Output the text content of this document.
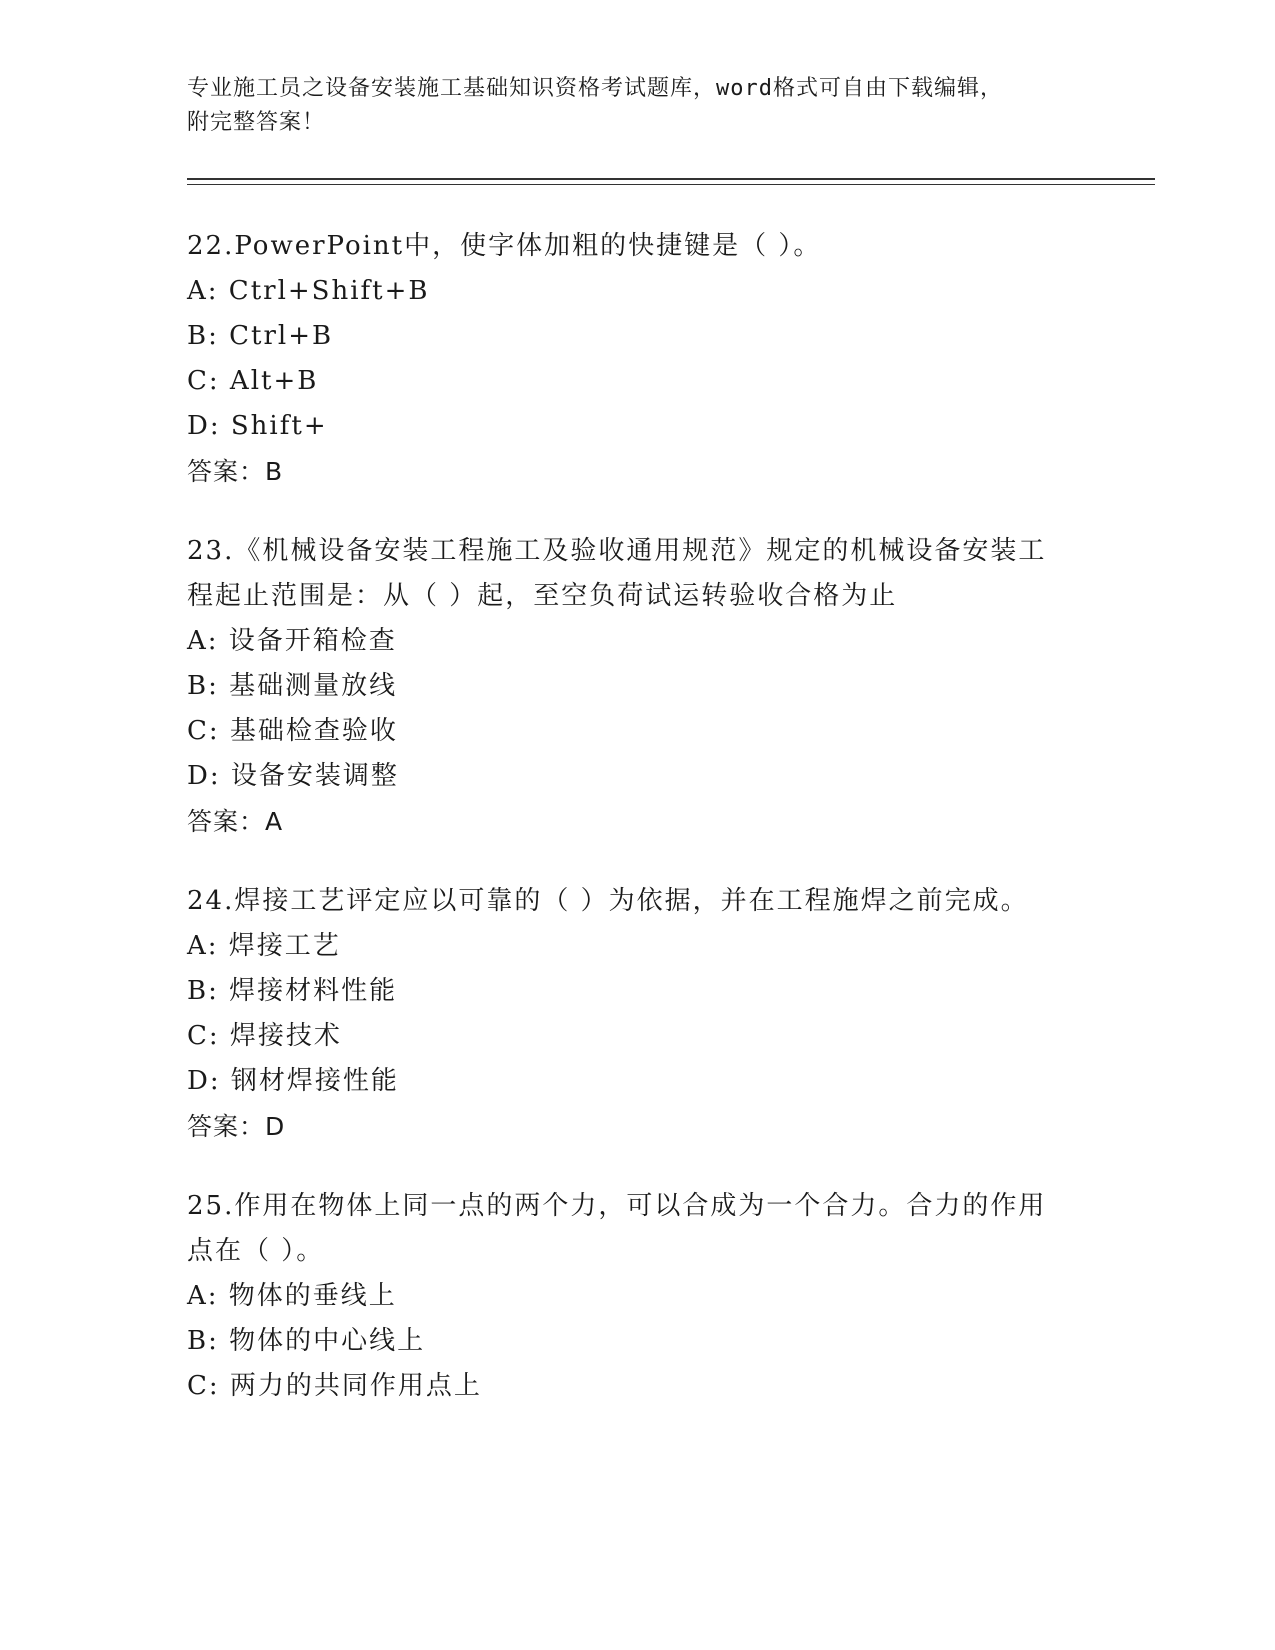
专业施工员之设备安装施工基础知识资格考试题库，word格式可自由下载编辑，
附完整答案！
22.PowerPoint中，使字体加粗的快捷键是（ ）。
A: Ctrl+Shift+B
B: Ctrl+B
C: Alt+B
D: Shift+
答案：B
23.《机械设备安装工程施工及验收通用规范》规定的机械设备安装工
程起止范围是：从（ ）起，至空负荷试运转验收合格为止
A: 设备开箱检查
B: 基础测量放线
C: 基础检查验收
D: 设备安装调整
答案：A
24.焊接工艺评定应以可靠的（ ）为依据，并在工程施焊之前完成。
A: 焊接工艺
B: 焊接材料性能
C: 焊接技术
D: 钢材焊接性能
答案：D
25.作用在物体上同一点的两个力，可以合成为一个合力。合力的作用
点在（ ）。
A: 物体的垂线上
B: 物体的中心线上
C: 两力的共同作用点上
